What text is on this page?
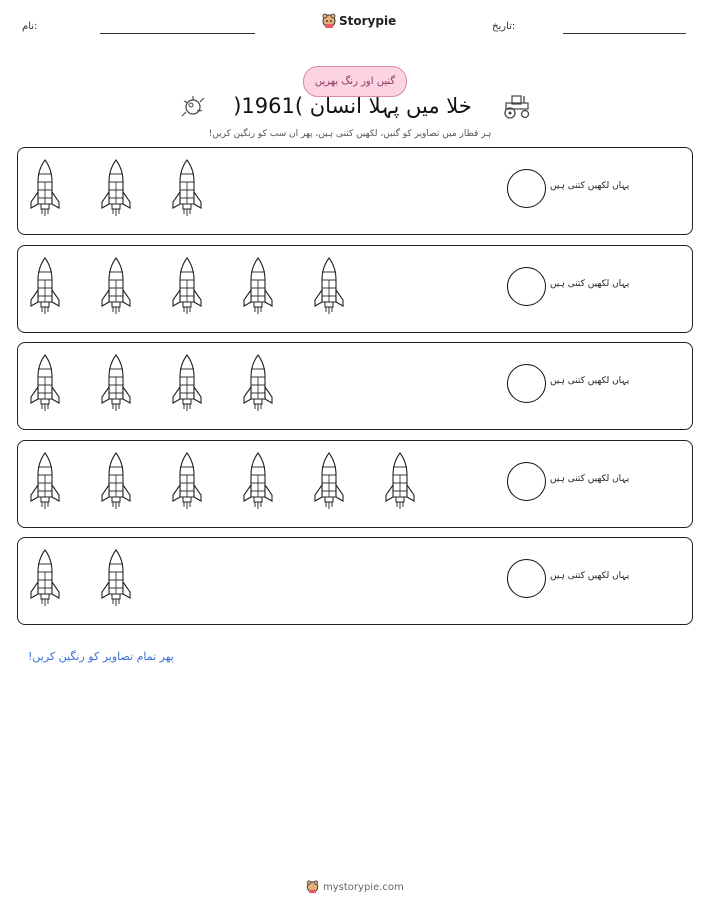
نام:	Storypie	تاریخ:
گنیں اور رنگ بھریں
خلا میں پہلا انسان )1961(
ہر قطار میں تصاویر کو گنیں، لکھیں کتنی ہیں، پھر ان سب کو رنگین کریں!
یہاں لکھیں کتنی ہیں
یہاں لکھیں کتنی ہیں
یہاں لکھیں کتنی ہیں
یہاں لکھیں کتنی ہیں
یہاں لکھیں کتنی ہیں
پھر تمام تصاویر کو رنگین کریں!
mystorypie.com
